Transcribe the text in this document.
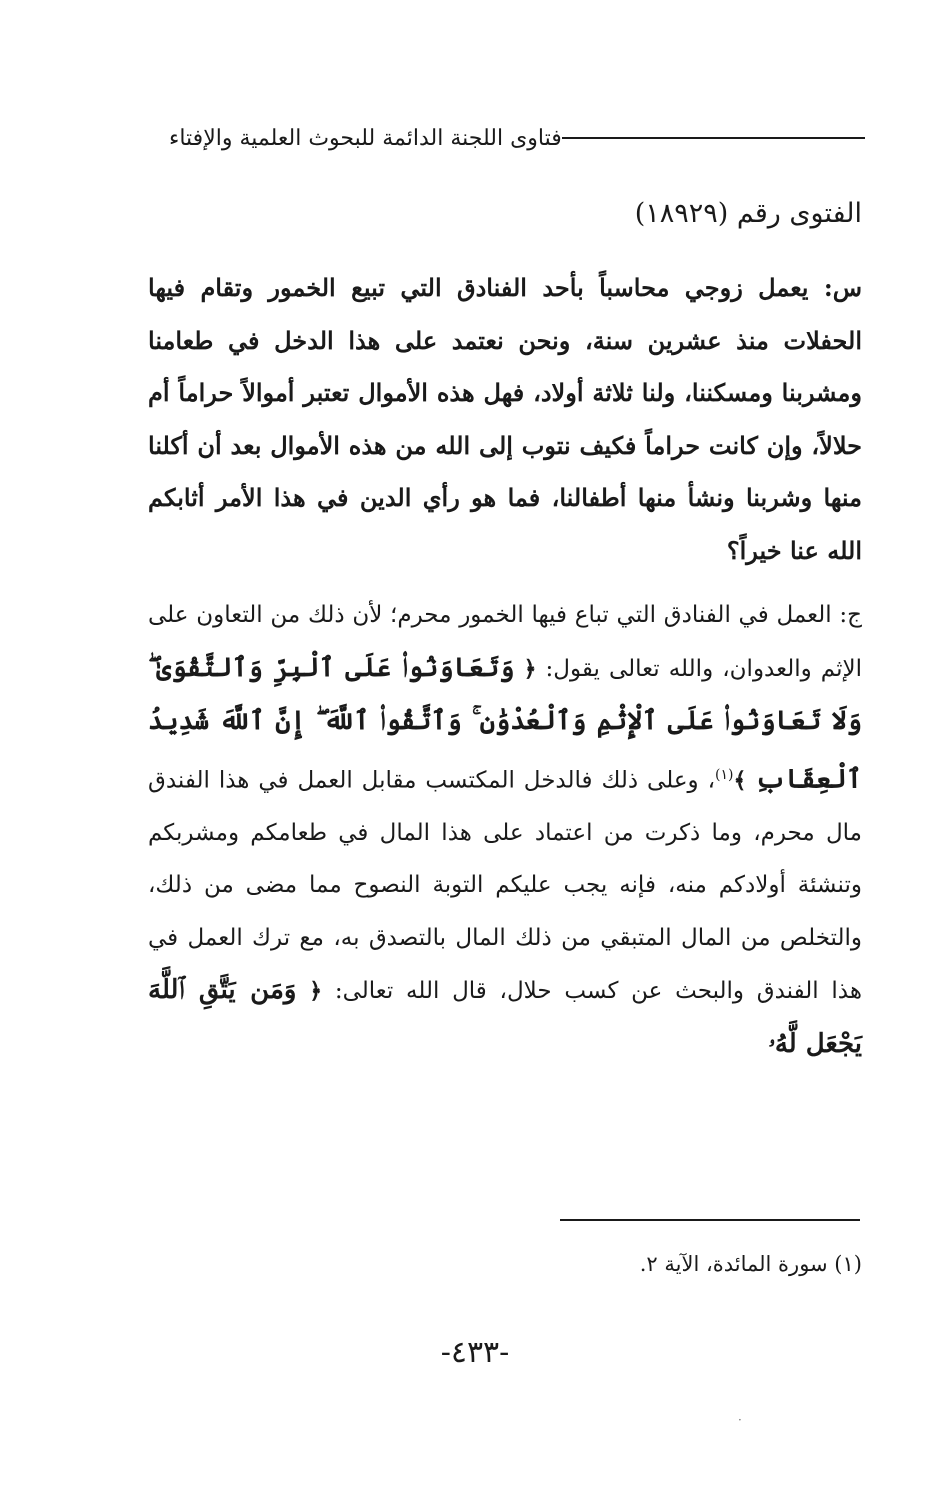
فتاوى اللجنة الدائمة للبحوث العلمية والإفتاء
الفتوى رقم (١٨٩٢٩)

س: يعمل زوجي محاسباً بأحد الفنادق التي تبيع الخمور وتقام فيها الحفلات منذ عشرين سنة، ونحن نعتمد على هذا الدخل في طعامنا ومشربنا ومسكننا، ولنا ثلاثة أولاد، فهل هذه الأموال تعتبر أموالاً حراماً أم حلالاً، وإن كانت حراماً فكيف نتوب إلى الله من هذه الأموال بعد أن أكلنا منها وشربنا ونشأ منها أطفالنا، فما هو رأي الدين في هذا الأمر أثابكم الله عنا خيراً؟

ج: العمل في الفنادق التي تباع فيها الخمور محرم؛ لأن ذلك من التعاون على الإثم والعدوان، والله تعالى يقول: ﴿ وَتَعَاوَنُوا۟ عَلَى ٱلْبِرِّ وَٱلتَّقْوَىٰ ۖ وَلَا تَعَاوَنُوا۟ عَلَى ٱلْإِثْمِ وَٱلْعُدْوَٰنِ ۚ وَٱتَّقُوا۟ ٱللَّهَ ۖ إِنَّ ٱللَّهَ شَدِيدُ ٱلْعِقَابِ ﴾$^{(١)}$، وعلى ذلك فالدخل المكتسب مقابل العمل في هذا الفندق مال محرم، وما ذكرت من اعتماد على هذا المال في طعامكم ومشربكم وتنشئة أولادكم منه، فإنه يجب عليكم التوبة النصوح مما مضى من ذلك، والتخلص من المال المتبقي من ذلك المال بالتصدق به، مع ترك العمل في هذا الفندق والبحث عن كسب حلال، قال الله تعالى: ﴿ وَمَن يَتَّقِ ٱللَّهَ يَجْعَل لَّهُۥ

(١) سورة المائدة، الآية ٢.
-٤٣٣-
·
